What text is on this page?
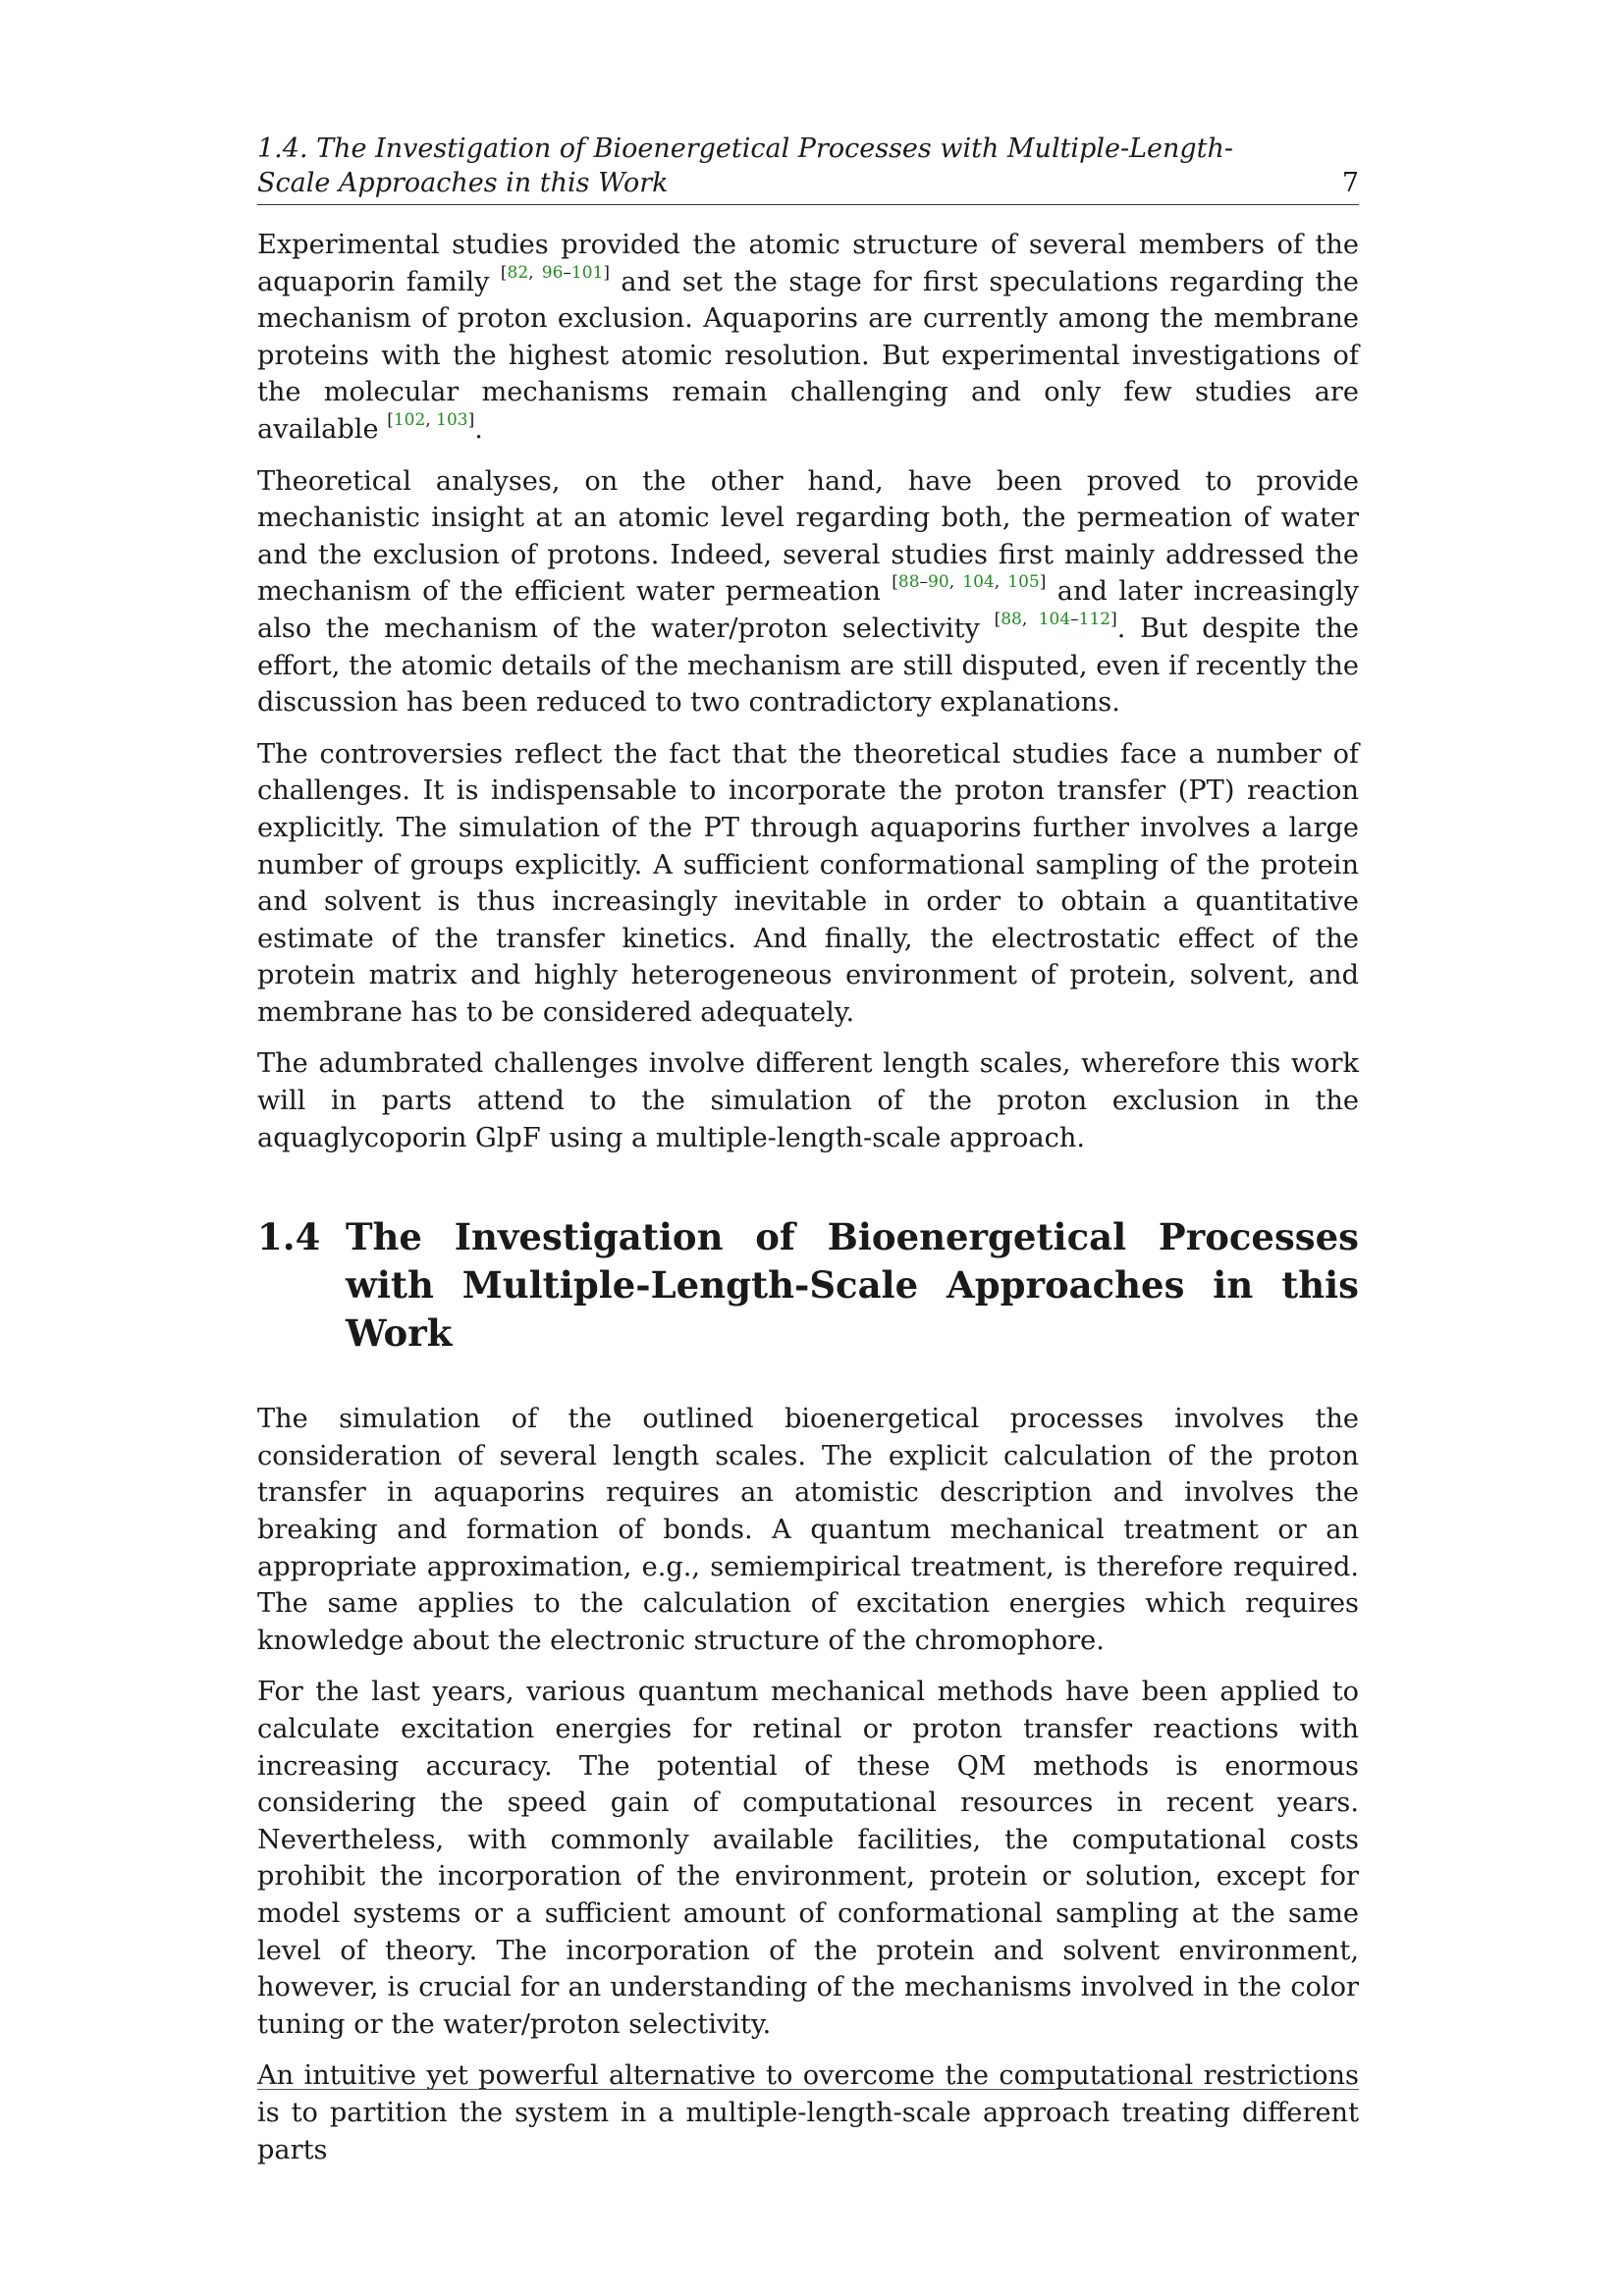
1.4. The Investigation of Bioenergetical Processes with Multiple-Length-Scale Approaches in this Work	7

Experimental studies provided the atomic structure of several members of the aquaporin family [82, 96–101] and set the stage for first speculations regarding the mechanism of proton exclusion. Aquaporins are currently among the membrane proteins with the highest atomic resolution. But experimental investigations of the molecular mechanisms remain challenging and only few studies are available [102, 103].

Theoretical analyses, on the other hand, have been proved to provide mechanistic insight at an atomic level regarding both, the permeation of water and the exclusion of protons. Indeed, several studies first mainly addressed the mechanism of the efficient water permeation [88–90, 104, 105] and later increasingly also the mechanism of the water/proton selectivity [88, 104–112]. But despite the effort, the atomic details of the mechanism are still disputed, even if recently the discussion has been reduced to two contradictory explanations.

The controversies reflect the fact that the theoretical studies face a number of challenges. It is indispensable to incorporate the proton transfer (PT) reaction explicitly. The simulation of the PT through aquaporins further involves a large number of groups explicitly. A sufficient conformational sampling of the protein and solvent is thus increasingly inevitable in order to obtain a quantitative estimate of the transfer kinetics. And finally, the electrostatic effect of the protein matrix and highly heterogeneous environment of protein, solvent, and membrane has to be considered adequately.

The adumbrated challenges involve different length scales, wherefore this work will in parts attend to the simulation of the proton exclusion in the aquaglycoporin GlpF using a multiple-length-scale approach.

1.4 The Investigation of Bioenergetical Processes with Multiple-Length-Scale Approaches in this Work

The simulation of the outlined bioenergetical processes involves the consideration of several length scales. The explicit calculation of the proton transfer in aquaporins requires an atomistic description and involves the breaking and formation of bonds. A quantum mechanical treatment or an appropriate approximation, e.g., semiempirical treatment, is therefore required. The same applies to the calculation of excitation energies which requires knowledge about the electronic structure of the chromophore.

For the last years, various quantum mechanical methods have been applied to calculate excitation energies for retinal or proton transfer reactions with increasing accuracy. The potential of these QM methods is enormous considering the speed gain of computational resources in recent years. Nevertheless, with commonly available facilities, the computational costs prohibit the incorporation of the environment, protein or solution, except for model systems or a sufficient amount of conformational sampling at the same level of theory. The incorporation of the protein and solvent environment, however, is crucial for an understanding of the mechanisms involved in the color tuning or the water/proton selectivity.

An intuitive yet powerful alternative to overcome the computational restrictions is to partition the system in a multiple-length-scale approach treating different parts
